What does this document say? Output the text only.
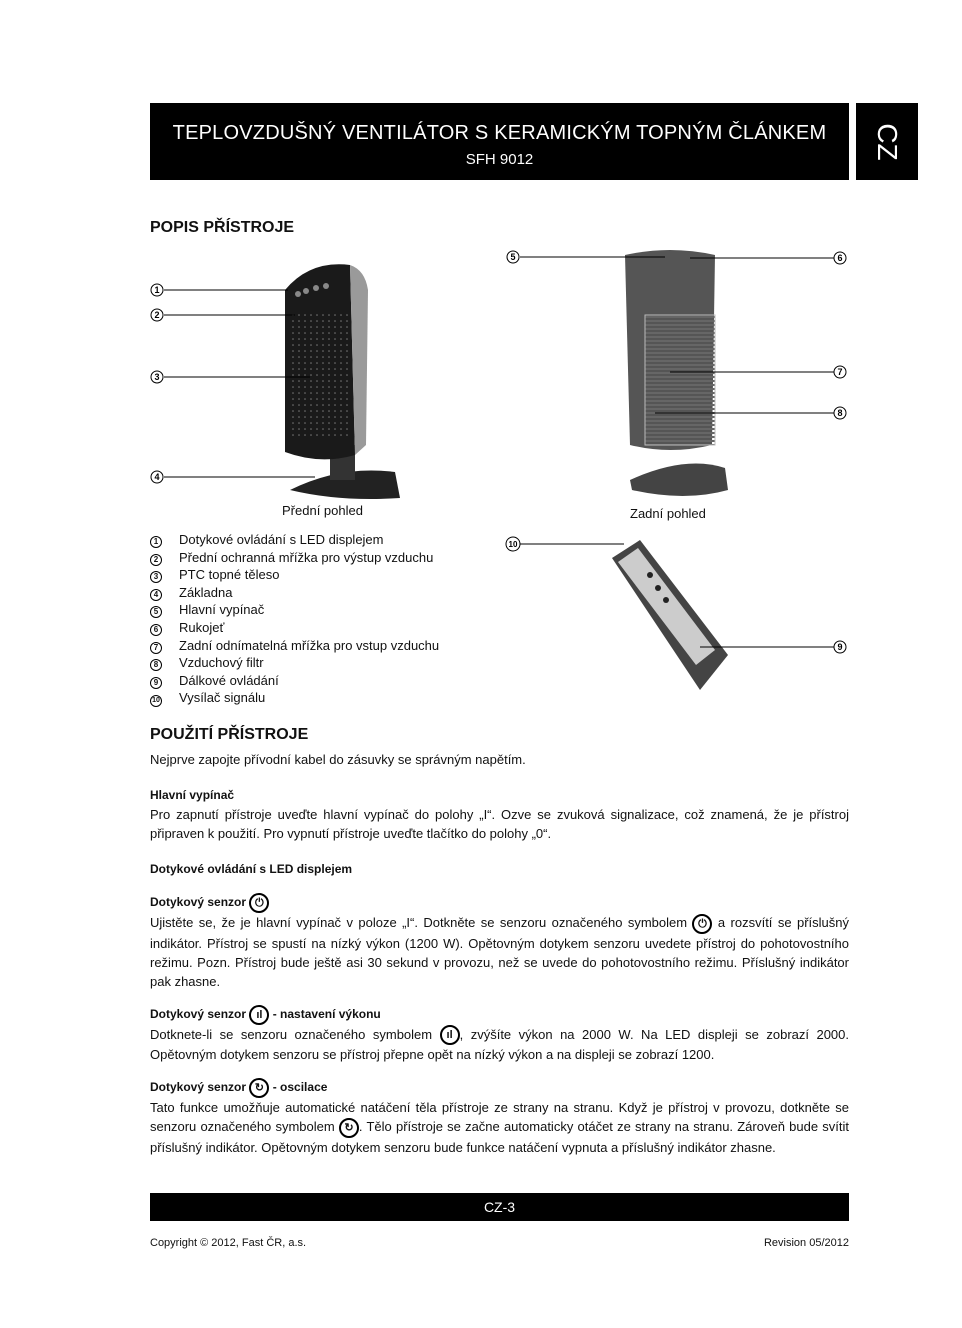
TEPLOVZDUŠNÝ VENTILÁTOR S KERAMICKÝM TOPNÝM ČLÁNKEM
SFH 9012	CZ
POPIS PŘÍSTROJE
1
2
3
4
5	6
7
8
Přední pohled	Zadní pohled
10
9
1	Dotykové ovládání s LED displejem
2	Přední ochranná mřížka pro výstup vzduchu
3	PTC topné těleso
4	Základna
5	Hlavní vypínač
6	Rukojeť
7	Zadní odnímatelná mřížka pro vstup vzduchu
8	Vzduchový filtr
9	Dálkové ovládání
10	Vysílač signálu
POUŽITÍ PŘÍSTROJE
Nejprve zapojte přívodní kabel do zásuvky se správným napětím.
Hlavní vypínač
Pro zapnutí přístroje uveďte hlavní vypínač do polohy „I“. Ozve se zvuková signalizace, což znamená, že je přístroj připraven k použití. Pro vypnutí přístroje uveďte tlačítko do polohy „0“.
Dotykové ovládání s LED displejem
Dotykový senzor ⏻
Ujistěte se, že je hlavní vypínač v poloze „I“. Dotkněte se senzoru označeného symbolem ⏻ a rozsvítí se příslušný indikátor. Přístroj se spustí na nízký výkon (1200 W). Opětovným dotykem senzoru uvedete přístroj do pohotovostního režimu. Pozn. Přístroj bude ještě asi 30 sekund v provozu, než se uvede do pohotovostního režimu. Příslušný indikátor pak zhasne.
Dotykový senzor ıl - nastavení výkonu
Dotknete-li se senzoru označeného symbolem ıl , zvýšíte výkon na 2000 W. Na LED displeji se zobrazí 2000. Opětovným dotykem senzoru se přístroj přepne opět na nízký výkon a na displeji se zobrazí 1200.
Dotykový senzor ↻ - oscilace
Tato funkce umožňuje automatické natáčení těla přístroje ze strany na stranu. Když je přístroj v provozu, dotkněte se senzoru označeného symbolem ↻ . Tělo přístroje se začne automaticky otáčet ze strany na stranu. Zároveň bude svítit příslušný indikátor. Opětovným dotykem senzoru bude funkce natáčení vypnuta a příslušný indikátor zhasne.
CZ-3
Copyright © 2012, Fast ČR, a.s.	Revision 05/2012
